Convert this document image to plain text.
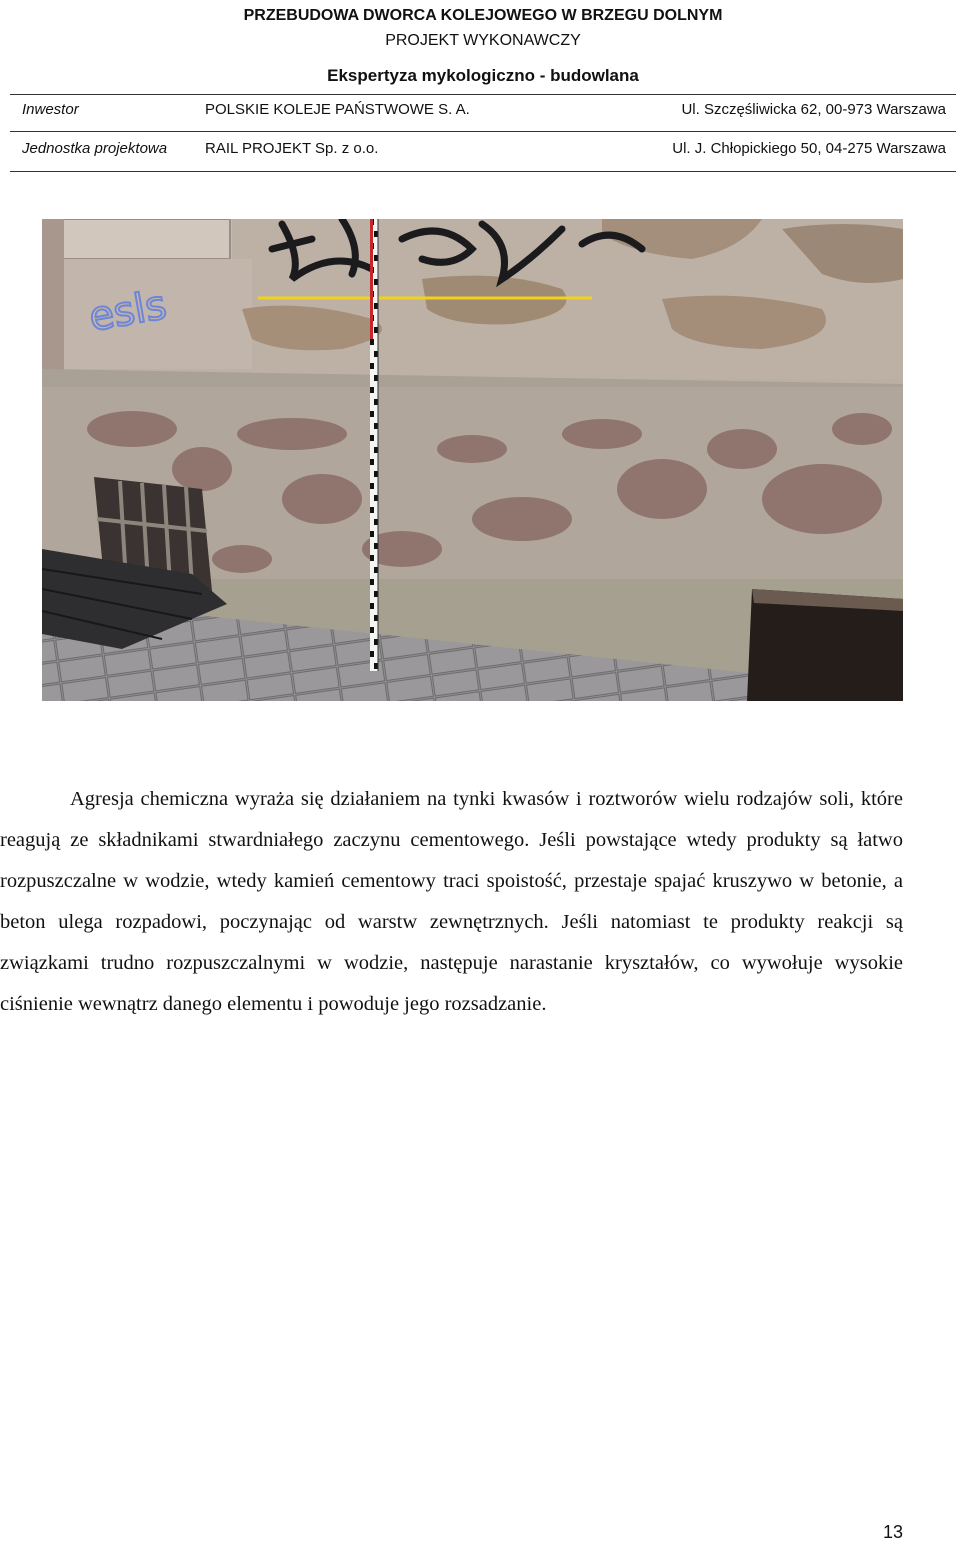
PRZEBUDOWA DWORCA KOLEJOWEGO W BRZEGU DOLNYM
PROJEKT WYKONAWCZY
Ekspertyza mykologiczno - budowlana
Inwestor	POLSKIE KOLEJE PAŃSTWOWE S. A.	Ul. Szczęśliwicka 62, 00-973 Warszawa
Jednostka projektowa	RAIL PROJEKT Sp. z o.o.	Ul. J. Chłopickiego 50, 04-275 Warszawa
esls

Agresja chemiczna wyraża się działaniem na tynki kwasów i roztworów wielu rodzajów soli, które reagują ze składnikami stwardniałego zaczynu cementowego. Jeśli powstające wtedy produkty są łatwo rozpuszczalne w wodzie, wtedy kamień cementowy traci spoistość, przestaje spajać kruszywo w betonie, a beton ulega rozpadowi, poczynając od warstw zewnętrznych. Jeśli natomiast te produkty reakcji są związkami trudno rozpuszczalnymi w wodzie, następuje narastanie kryształów, co wywołuje wysokie ciśnienie wewnątrz danego elementu i powoduje jego rozsadzanie.

13
